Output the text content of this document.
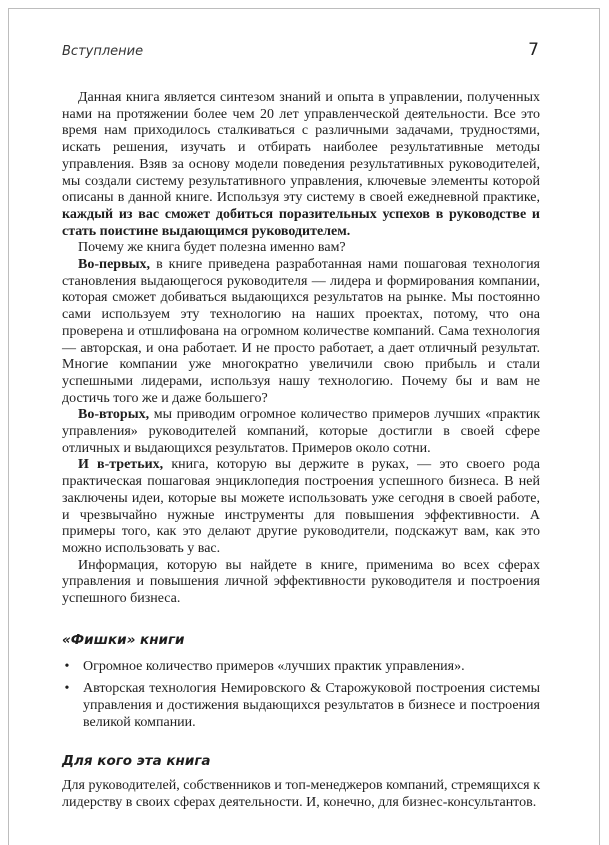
Вступление	7

Данная книга является синтезом знаний и опыта в управлении, полученных нами на протяжении более чем 20 лет управленческой деятельности. Все это время нам приходилось сталкиваться с различными задачами, трудностями, искать решения, изучать и отбирать наиболее результативные методы управления. Взяв за основу модели поведения результативных руководителей, мы создали систему результативного управления, ключевые элементы которой описаны в данной книге. Используя эту систему в своей ежедневной практике, каждый из вас сможет добиться поразительных успехов в руководстве и стать поистине выдающимся руководителем.

Почему же книга будет полезна именно вам?

Во-первых, в книге приведена разработанная нами пошаговая технология становления выдающегося руководителя — лидера и формирования компании, которая сможет добиваться выдающихся результатов на рынке. Мы постоянно сами используем эту технологию на наших проектах, потому, что она проверена и отшлифована на огромном количестве компаний. Сама технология — авторская, и она работает. И не просто работает, а дает отличный результат. Многие компании уже многократно увеличили свою прибыль и стали успешными лидерами, используя нашу технологию. Почему бы и вам не достичь того же и даже большего?

Во-вторых, мы приводим огромное количество примеров лучших «практик управления» руководителей компаний, которые достигли в своей сфере отличных и выдающихся результатов. Примеров около сотни.

И в-третьих, книга, которую вы держите в руках, — это своего рода практическая пошаговая энциклопедия построения успешного бизнеса. В ней заключены идеи, которые вы можете использовать уже сегодня в своей работе, и чрезвычайно нужные инструменты для повышения эффективности. А примеры того, как это делают другие руководители, подскажут вам, как это можно использовать у вас.

Информация, которую вы найдете в книге, применима во всех сферах управления и повышения личной эффективности руководителя и построения успешного бизнеса.

«Фишки» книги
• Огромное количество примеров «лучших практик управления».
• Авторская технология Немировского & Старожуковой построения системы управления и достижения выдающихся результатов в бизнесе и построения великой компании.
Для кого эта книга

Для руководителей, собственников и топ-менеджеров компаний, стремящихся к лидерству в своих сферах деятельности. И, конечно, для бизнес-консультантов.
